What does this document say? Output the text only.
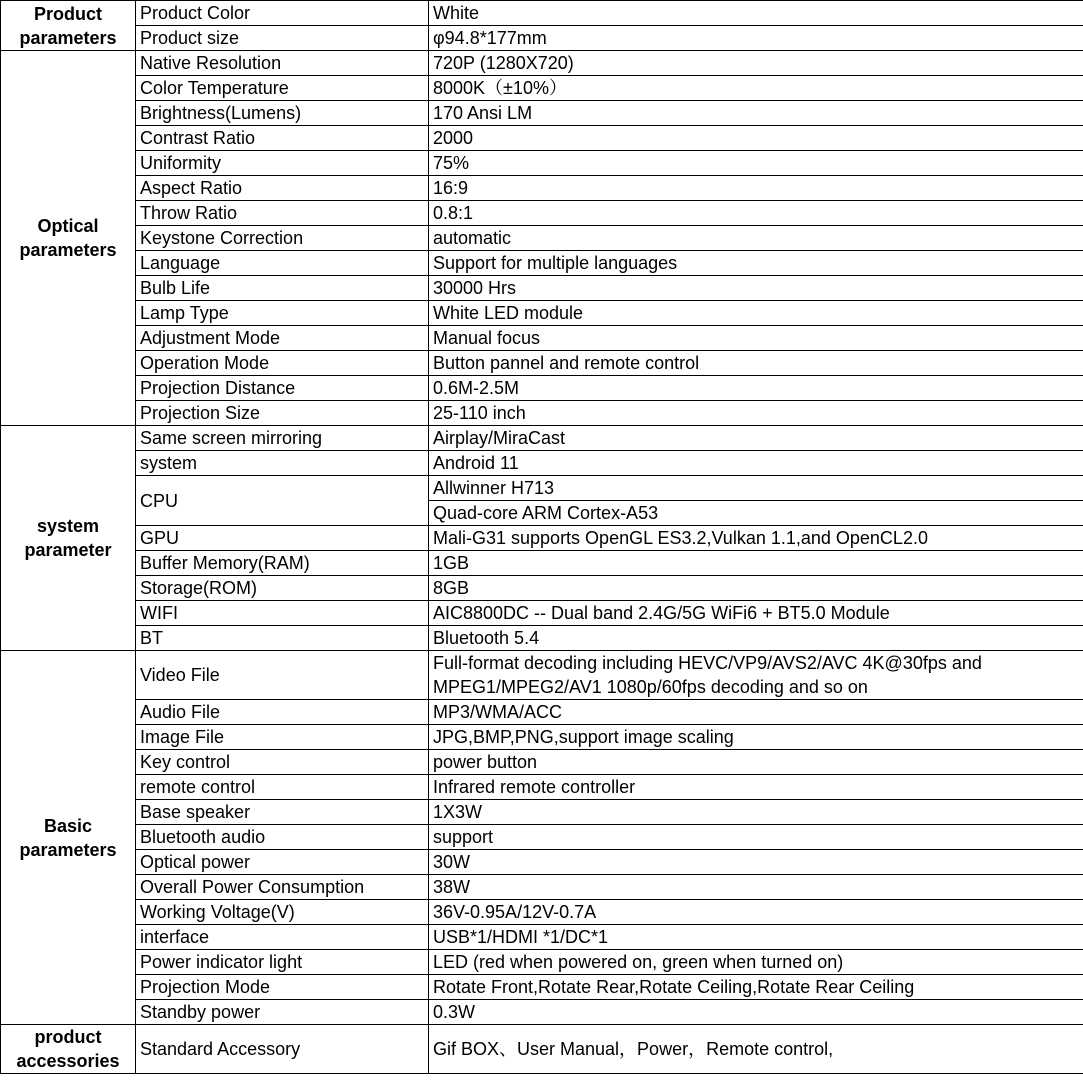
Product parameters	Product Color	White
	Product size	φ94.8*177mm
Optical parameters	Native Resolution	720P (1280X720)
	Color Temperature	8000K（±10%）
	Brightness(Lumens)	170 Ansi LM
	Contrast Ratio	2000
	Uniformity	75%
	Aspect Ratio	16:9
	Throw Ratio	0.8:1
	Keystone Correction	automatic
	Language	Support for multiple languages
	Bulb Life	30000 Hrs
	Lamp Type	White LED module
	Adjustment Mode	Manual focus
	Operation Mode	Button pannel and remote control
	Projection Distance	0.6M-2.5M
	Projection Size	25-110 inch
system parameter	Same screen mirroring	Airplay/MiraCast
	system	Android 11
	CPU	Allwinner H713
		Quad-core ARM Cortex-A53
	GPU	Mali-G31 supports OpenGL ES3.2,Vulkan 1.1,and OpenCL2.0
	Buffer Memory(RAM)	1GB
	Storage(ROM)	8GB
	WIFI	AIC8800DC -- Dual band 2.4G/5G WiFi6 + BT5.0 Module
	BT	Bluetooth 5.4
Basic parameters	Video File	Full-format decoding including HEVC/VP9/AVS2/AVC 4K@30fps and
MPEG1/MPEG2/AV1 1080p/60fps decoding and so on

	Audio File	MP3/WMA/ACC
	Image File	JPG,BMP,PNG,support image scaling
	Key control	power button
	remote control	Infrared remote controller
	Base speaker	1X3W
	Bluetooth audio	support
	Optical power	30W
	Overall Power Consumption	38W
	Working Voltage(V)	36V-0.95A/12V-0.7A
	interface	USB*1/HDMI *1/DC*1
	Power indicator light	LED (red when powered on, green when turned on)
	Projection Mode	Rotate Front,Rotate Rear,Rotate Ceiling,Rotate Rear Ceiling
	Standby power	0.3W
product accessories	Standard Accessory	Gif BOX、User Manual，Power，Remote control,
